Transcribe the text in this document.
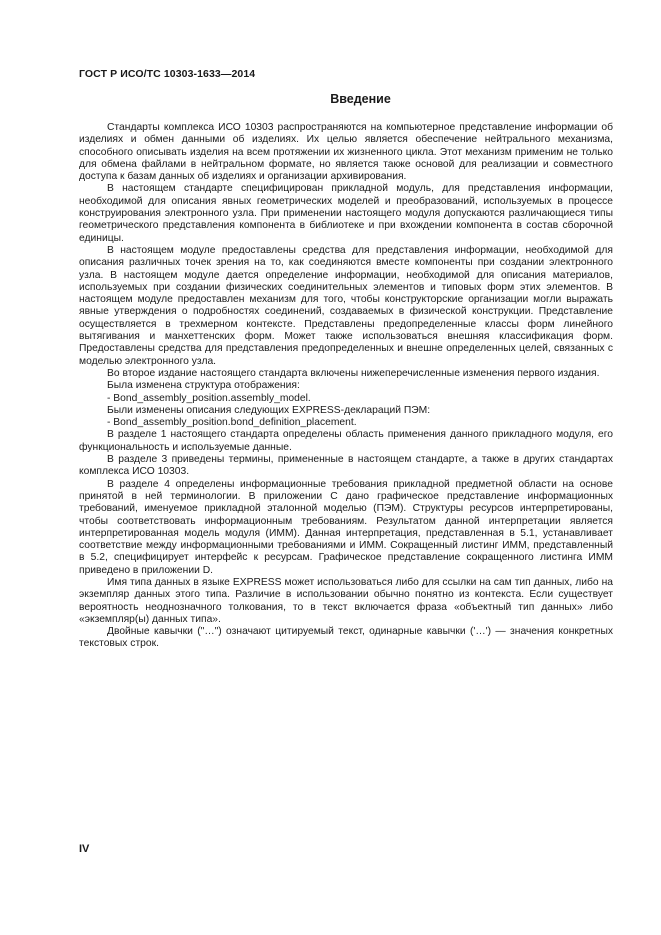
ГОСТ Р ИСО/ТС 10303-1633—2014
Введение

Стандарты комплекса ИСО 10303 распространяются на компьютерное представление информации об изделиях и обмен данными об изделиях. Их целью является обеспечение нейтрального механизма, способного описывать изделия на всем протяжении их жизненного цикла. Этот механизм применим не только для обмена файлами в нейтральном формате, но является также основой для реализации и совместного доступа к базам данных об изделиях и организации архивирования.

В настоящем стандарте специфицирован прикладной модуль, для представления информации, необходимой для описания явных геометрических моделей и преобразований, используемых в процессе конструирования электронного узла. При применении настоящего модуля допускаются различающиеся типы геометрического представления компонента в библиотеке и при вхождении компонента в состав сборочной единицы.

В настоящем модуле предоставлены средства для представления информации, необходимой для описания различных точек зрения на то, как соединяются вместе компоненты при создании электронного узла. В настоящем модуле дается определение информации, необходимой для описания материалов, используемых при создании физических соединительных элементов и типовых форм этих элементов. В настоящем модуле предоставлен механизм для того, чтобы конструкторские организации могли выражать явные утверждения о подробностях соединений, создаваемых в физической конструкции. Представление осуществляется в трехмерном контексте. Представлены предопределенные классы форм линейного вытягивания и манхеттенских форм. Может также использоваться внешняя классификация форм. Предоставлены средства для представления предопределенных и внешне определенных целей, связанных с моделью электронного узла.

Во второе издание настоящего стандарта включены нижеперечисленные изменения первого издания.

Была изменена структура отображения:

- Bond_assembly_position.assembly_model.

Были изменены описания следующих EXPRESS-деклараций ПЭМ:

- Bond_assembly_position.bond_definition_placement.

В разделе 1 настоящего стандарта определены область применения данного прикладного модуля, его функциональность и используемые данные.

В разделе 3 приведены термины, примененные в настоящем стандарте, а также в других стандартах комплекса ИСО 10303.

В разделе 4 определены информационные требования прикладной предметной области на основе принятой в ней терминологии. В приложении С дано графическое представление информационных требований, именуемое прикладной эталонной моделью (ПЭМ). Структуры ресурсов интерпретированы, чтобы соответствовать информационным требованиям. Результатом данной интерпретации является интерпретированная модель модуля (ИММ). Данная интерпретация, представленная в 5.1, устанавливает соответствие между информационными требованиями и ИММ. Сокращенный листинг ИММ, представленный в 5.2, специфицирует интерфейс к ресурсам. Графическое представление сокращенного листинга ИММ приведено в приложении D.

Имя типа данных в языке EXPRESS может использоваться либо для ссылки на сам тип данных, либо на экземпляр данных этого типа. Различие в использовании обычно понятно из контекста. Если существует вероятность неоднозначного толкования, то в текст включается фраза «объектный тип данных» либо «экземпляр(ы) данных типа».

Двойные кавычки ("…") означают цитируемый текст, одинарные кавычки ('…') — значения конкретных текстовых строк.

IV
